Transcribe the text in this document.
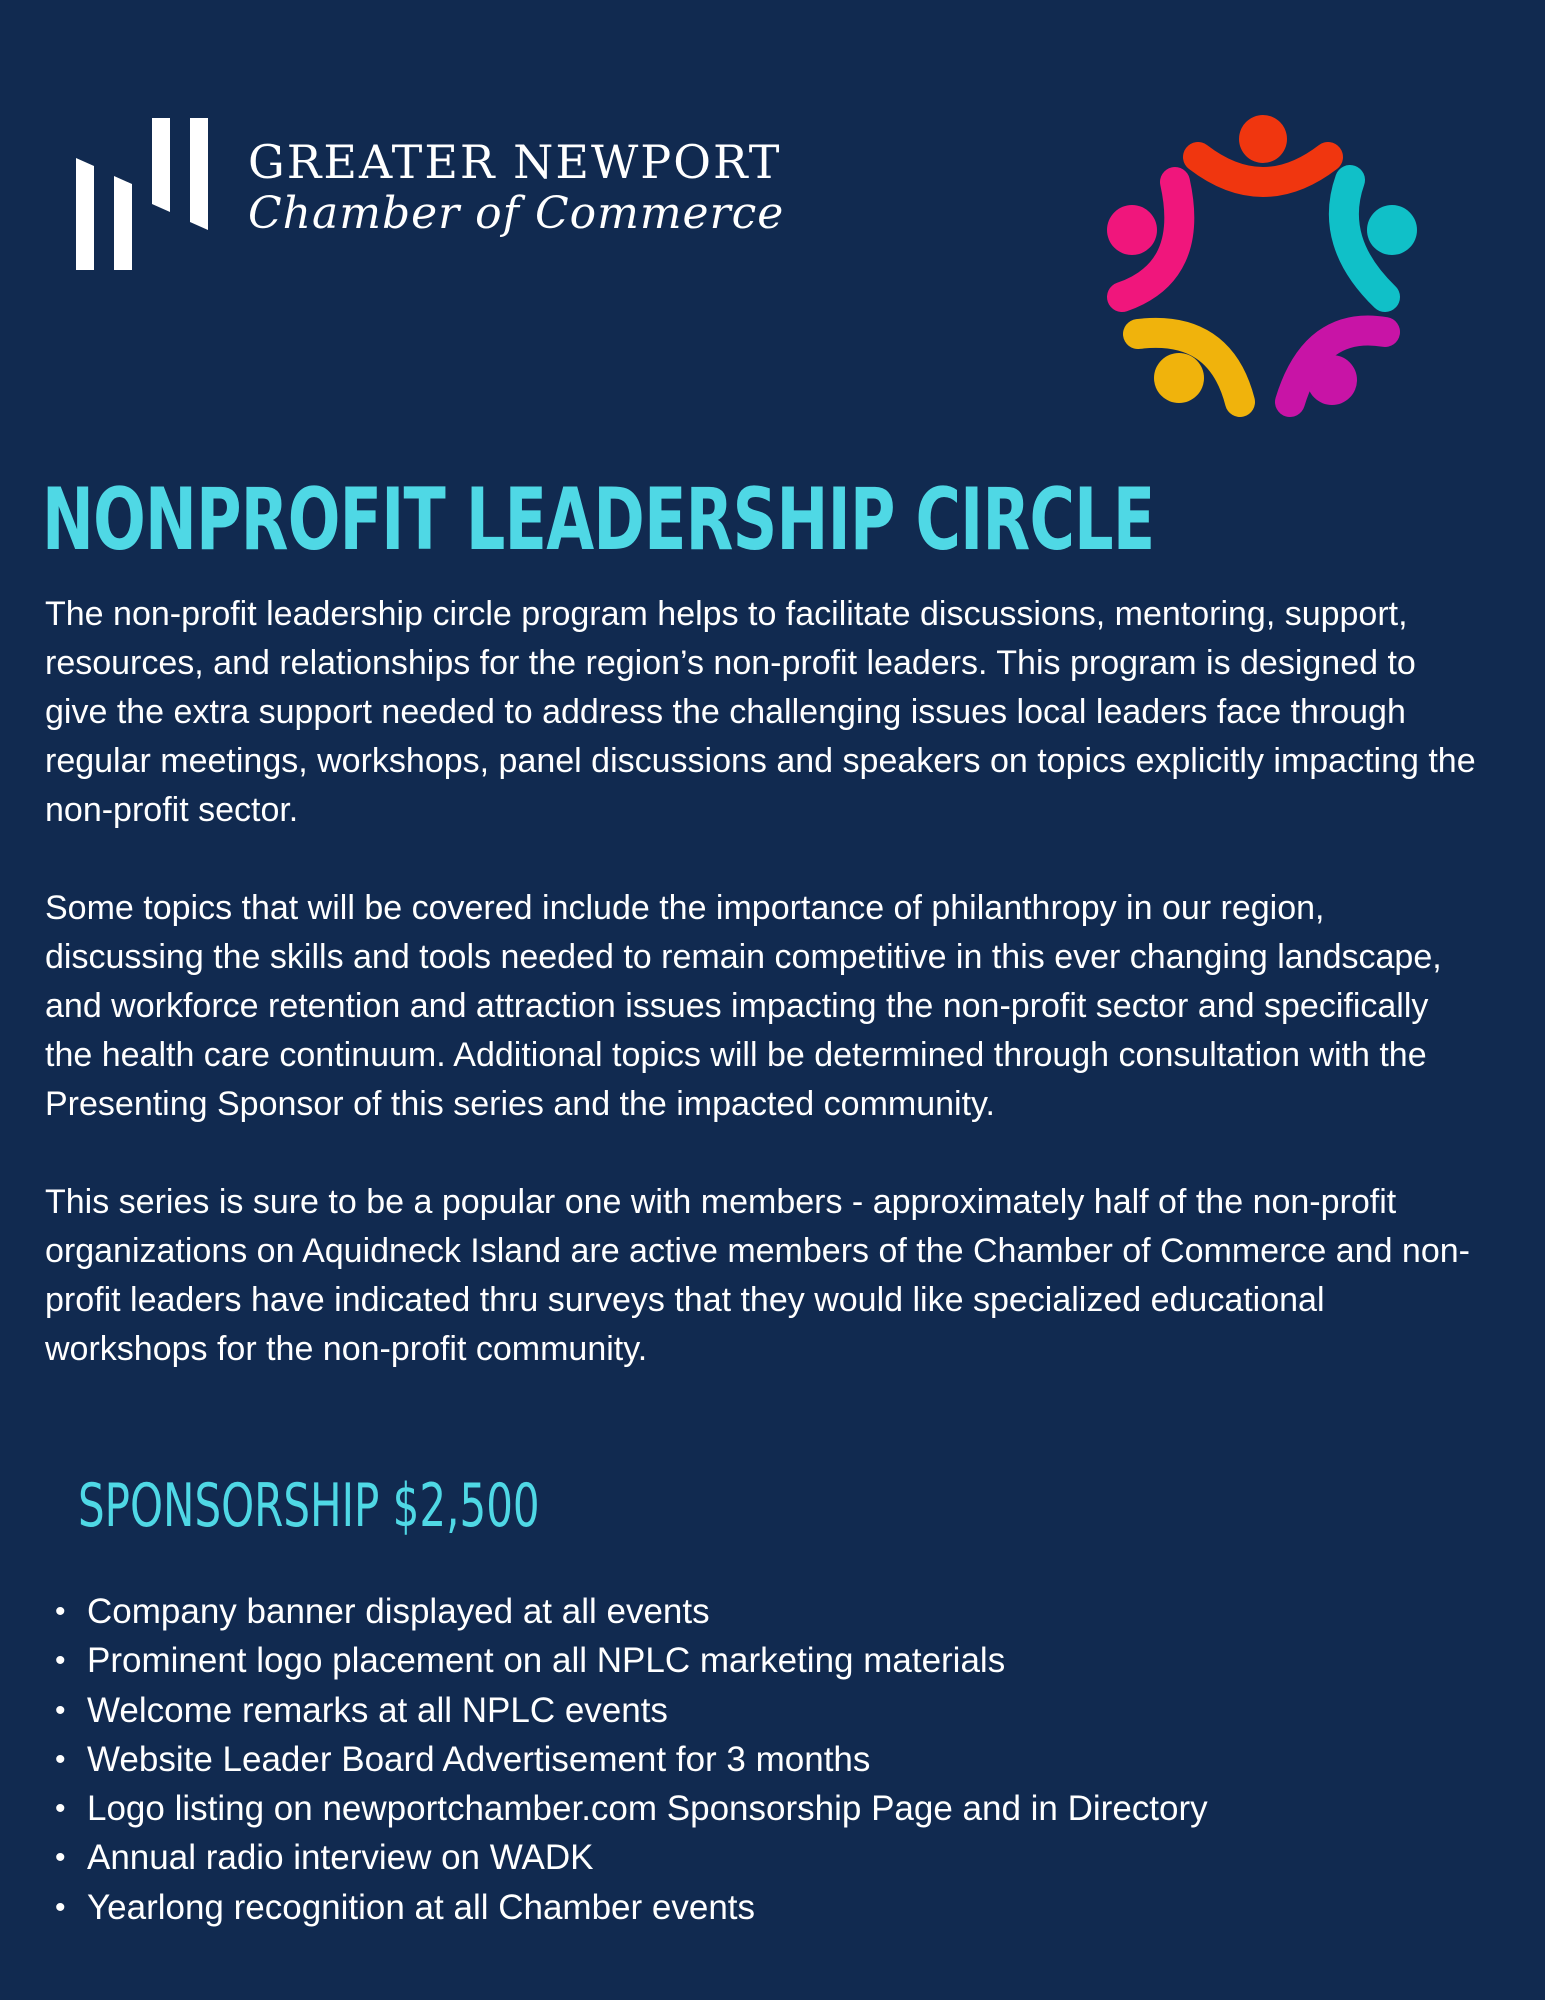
GREATER NEWPORT
Chamber of Commerce
NONPROFIT LEADERSHIP CIRCLE

The non-profit leadership circle program helps to facilitate discussions, mentoring, support, resources, and relationships for the region’s non-profit leaders. This program is designed to give the extra support needed to address the challenging issues local leaders face through regular meetings, workshops, panel discussions and speakers on topics explicitly impacting the non-profit sector.

Some topics that will be covered include the importance of philanthropy in our region, discussing the skills and tools needed to remain competitive in this ever changing landscape, and workforce retention and attraction issues impacting the non-profit sector and specifically the health care continuum. Additional topics will be determined through consultation with the Presenting Sponsor of this series and the impacted community.

This series is sure to be a popular one with members - approximately half of the non-profit organizations on Aquidneck Island are active members of the Chamber of Commerce and non-profit leaders have indicated thru surveys that they would like specialized educational workshops for the non-profit community.

SPONSORSHIP $2,500
• Company banner displayed at all events
• Prominent logo placement on all NPLC marketing materials
• Welcome remarks at all NPLC events
• Website Leader Board Advertisement for 3 months
• Logo listing on newportchamber.com Sponsorship Page and in Directory
• Annual radio interview on WADK
• Yearlong recognition at all Chamber events
